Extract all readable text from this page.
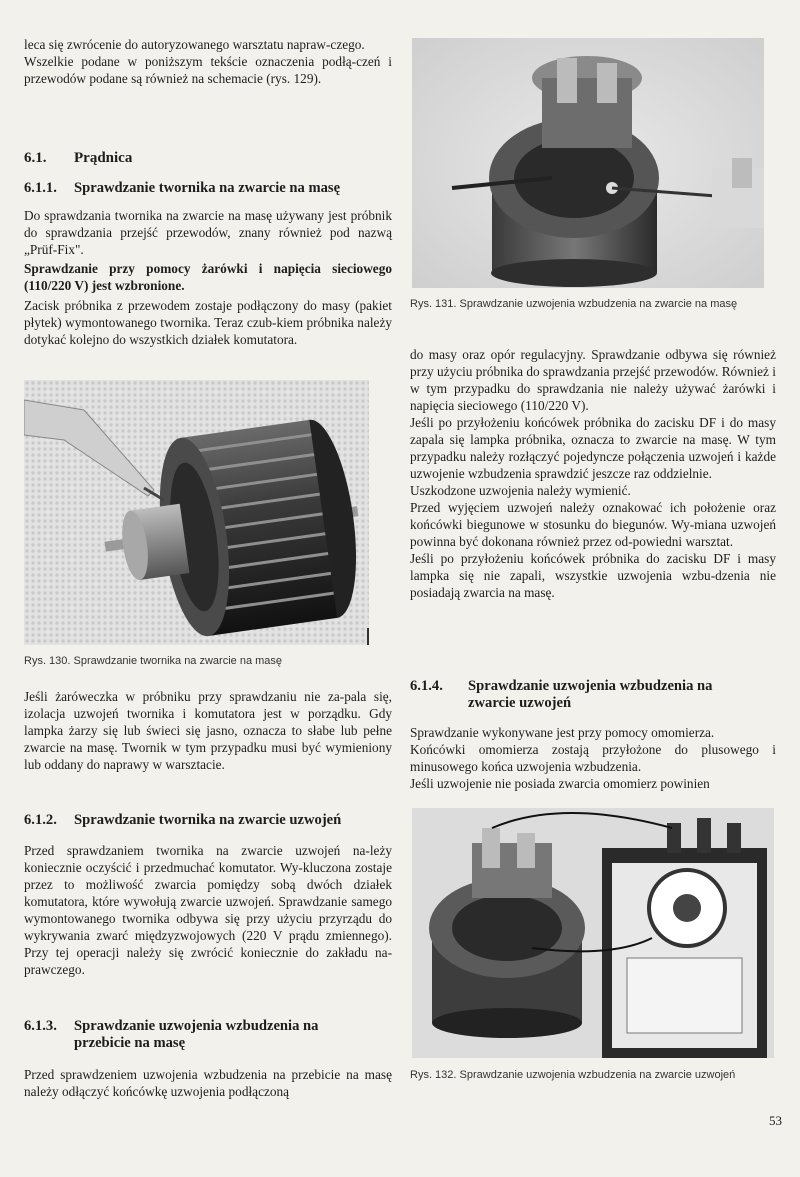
leca się zwrócenie do autoryzowanego warsztatu napraw-czego.
Wszelkie podane w poniższym tekście oznaczenia podłą-czeń i przewodów podane są również na schemacie (rys. 129).

6.1.	Prądnica
6.1.1.	Sprawdzanie twornika na zwarcie na masę

Do sprawdzania twornika na zwarcie na masę używany jest próbnik do sprawdzania przejść przewodów, znany również pod nazwą „Prüf-Fix".

Sprawdzanie przy pomocy żarówki i napięcia sieciowego (110/220 V) jest wzbronione.

Zacisk próbnika z przewodem zostaje podłączony do masy (pakiet płytek) wymontowanego twornika. Teraz czub-kiem próbnika należy dotykać kolejno do wszystkich działek komutatora.

Rys. 130. Sprawdzanie twornika na zwarcie na masę

Jeśli żaróweczka w próbniku przy sprawdzaniu nie za-pala się, izolacja uzwojeń twornika i komutatora jest w porządku. Gdy lampka żarzy się lub świeci się jasno, oznacza to słabe lub pełne zwarcie na masę. Twornik w tym przypadku musi być wymieniony lub oddany do naprawy w warsztacie.

6.1.2.	Sprawdzanie twornika na zwarcie uzwojeń

Przed sprawdzaniem twornika na zwarcie uzwojeń na-leży koniecznie oczyścić i przedmuchać komutator. Wy-kluczona zostaje przez to możliwość zwarcia pomiędzy sobą dwóch działek komutatora, które wywołują zwarcie uzwojeń. Sprawdzanie samego wymontowanego twornika odbywa się przy użyciu przyrządu do wykrywania zwarć międzyzwojowych (220 V prądu zmiennego). Przy tej operacji należy się zwrócić koniecznie do zakładu na-prawczego.

6.1.3.	Sprawdzanie uzwojenia wzbudzenia na przebicie na masę

Przed sprawdzeniem uzwojenia wzbudzenia na przebicie na masę należy odłączyć końcówkę uzwojenia podłączoną

Rys. 131. Sprawdzanie uzwojenia wzbudzenia na zwarcie na masę

do masy oraz opór regulacyjny. Sprawdzanie odbywa się również przy użyciu próbnika do sprawdzania przejść przewodów. Również i w tym przypadku do sprawdzania nie należy używać żarówki i napięcia sieciowego (110/220 V).
Jeśli po przyłożeniu końcówek próbnika do zacisku DF i do masy zapala się lampka próbnika, oznacza to zwarcie na masę. W tym przypadku należy rozłączyć pojedyncze połączenia uzwojeń i każde uzwojenie wzbudzenia sprawdzić jeszcze raz oddzielnie.
Uszkodzone uzwojenia należy wymienić.
Przed wyjęciem uzwojeń należy oznakować ich położenie oraz końcówki biegunowe w stosunku do biegunów. Wy-miana uzwojeń powinna być dokonana również przez od-powiedni warsztat.
Jeśli po przyłożeniu końcówek próbnika do zacisku DF i masy lampka się nie zapali, wszystkie uzwojenia wzbu-dzenia nie posiadają zwarcia na masę.

6.1.4.	Sprawdzanie uzwojenia wzbudzenia na zwarcie uzwojeń

Sprawdzanie wykonywane jest przy pomocy omomierza.
Końcówki omomierza zostają przyłożone do plusowego i minusowego końca uzwojenia wzbudzenia.
Jeśli uzwojenie nie posiada zwarcia omomierz powinien

Rys. 132. Sprawdzanie uzwojenia wzbudzenia na zwarcie uzwojeń

53
